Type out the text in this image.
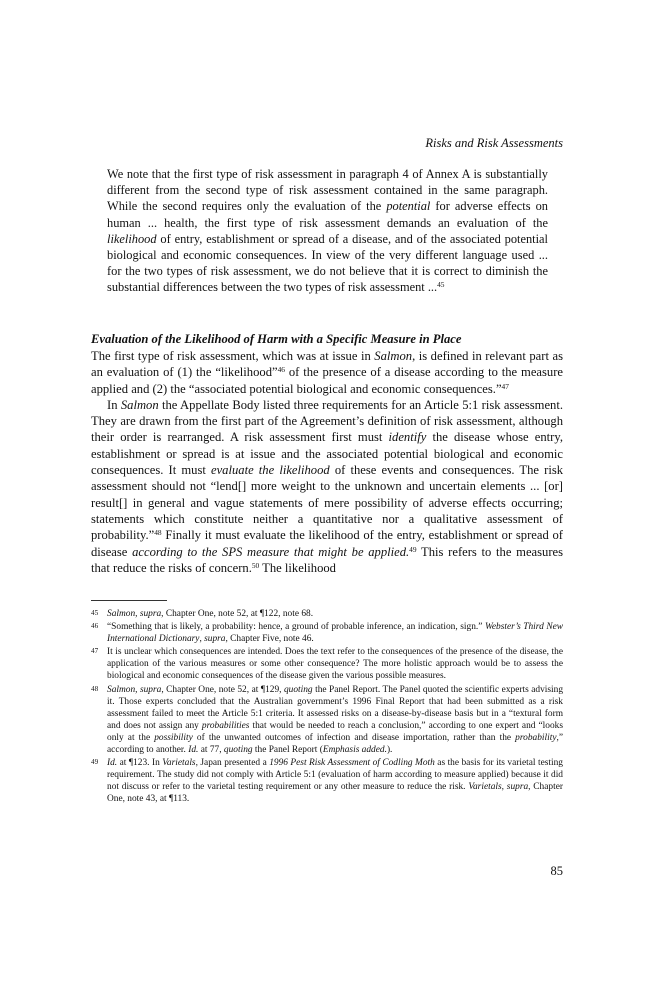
Risks and Risk Assessments
We note that the first type of risk assessment in paragraph 4 of Annex A is substantially different from the second type of risk assessment contained in the same paragraph. While the second requires only the evaluation of the potential for adverse effects on human ... health, the first type of risk assessment demands an evaluation of the likelihood of entry, establishment or spread of a disease, and of the associated potential biological and economic consequences. In view of the very different language used ... for the two types of risk assessment, we do not believe that it is correct to diminish the substantial differences between the two types of risk assessment ...$^{45}$
Evaluation of the Likelihood of Harm with a Specific Measure in Place

The first type of risk assessment, which was at issue in Salmon, is defined in relevant part as an evaluation of (1) the “likelihood”$^{46}$ of the presence of a disease according to the measure applied and (2) the “associated potential biological and economic consequences.”$^{47}$

In Salmon the Appellate Body listed three requirements for an Article 5:1 risk assessment. They are drawn from the first part of the Agreement’s definition of risk assessment, although their order is rearranged. A risk assessment first must identify the disease whose entry, establishment or spread is at issue and the associated potential biological and economic consequences. It must evaluate the likelihood of these events and consequences. The risk assessment should not “lend[] more weight to the unknown and uncertain elements ... [or] result[] in general and vague statements of mere possibility of adverse effects occurring; statements which constitute neither a quantitative nor a qualitative assessment of probability.”$^{48}$ Finally it must evaluate the likelihood of the entry, establishment or spread of disease according to the SPS measure that might be applied.$^{49}$ This refers to the measures that reduce the risks of concern.$^{50}$ The likelihood

45 Salmon, supra, Chapter One, note 52, at ¶122, note 68.
46 “Something that is likely, a probability: hence, a ground of probable inference, an indication, sign.” Webster’s Third New International Dictionary, supra, Chapter Five, note 46.
47 It is unclear which consequences are intended. Does the text refer to the consequences of the presence of the disease, the application of the various measures or some other consequence? The more holistic approach would be to assess the biological and economic consequences of the disease given the various possible measures.
48 Salmon, supra, Chapter One, note 52, at ¶129, quoting the Panel Report. The Panel quoted the scientific experts advising it. Those experts concluded that the Australian government’s 1996 Final Report that had been submitted as a risk assessment failed to meet the Article 5:1 criteria. It assessed risks on a disease-by-disease basis but in a “textural form and does not assign any probabilities that would be needed to reach a conclusion,” according to one expert and “looks only at the possibility of the unwanted outcomes of infection and disease importation, rather than the probability,” according to another. Id. at 77, quoting the Panel Report (Emphasis added.).
49 Id. at ¶123. In Varietals, Japan presented a 1996 Pest Risk Assessment of Codling Moth as the basis for its varietal testing requirement. The study did not comply with Article 5:1 (evaluation of harm according to measure applied) because it did not discuss or refer to the varietal testing requirement or any other measure to reduce the risk. Varietals, supra, Chapter One, note 43, at ¶113.
85
